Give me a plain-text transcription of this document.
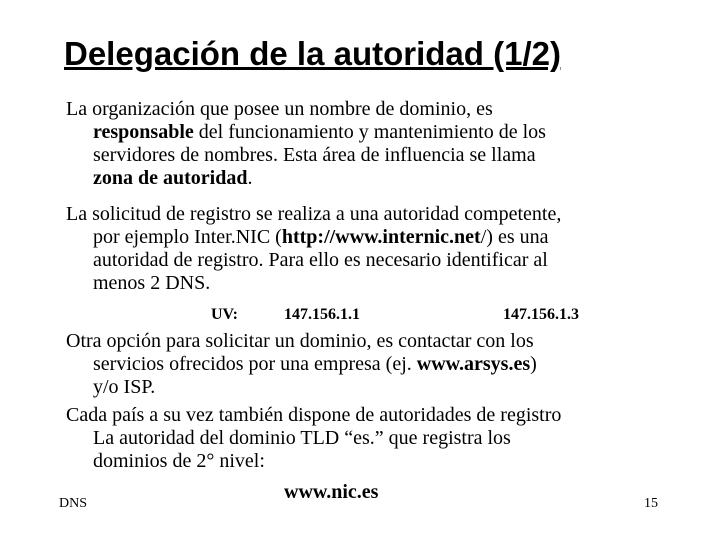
Delegación de la autoridad (1/2)
La organización que posee un nombre de dominio, es
responsable del funcionamiento y mantenimiento de los
servidores de nombres. Esta área de influencia se llama
zona de autoridad.
La solicitud de registro se realiza a una autoridad competente,
por ejemplo Inter.NIC (http://www.internic.net/) es una
autoridad de registro. Para ello es necesario identificar al
menos 2 DNS.
UV:	147.156.1.1	147.156.1.3
Otra opción para solicitar un dominio, es contactar con los
servicios ofrecidos por una empresa (ej. www.arsys.es)
y/o ISP.
Cada país a su vez también dispone de autoridades de registro
La autoridad del dominio TLD “es.” que registra los
dominios de 2° nivel:
www.nic.es
DNS	15
